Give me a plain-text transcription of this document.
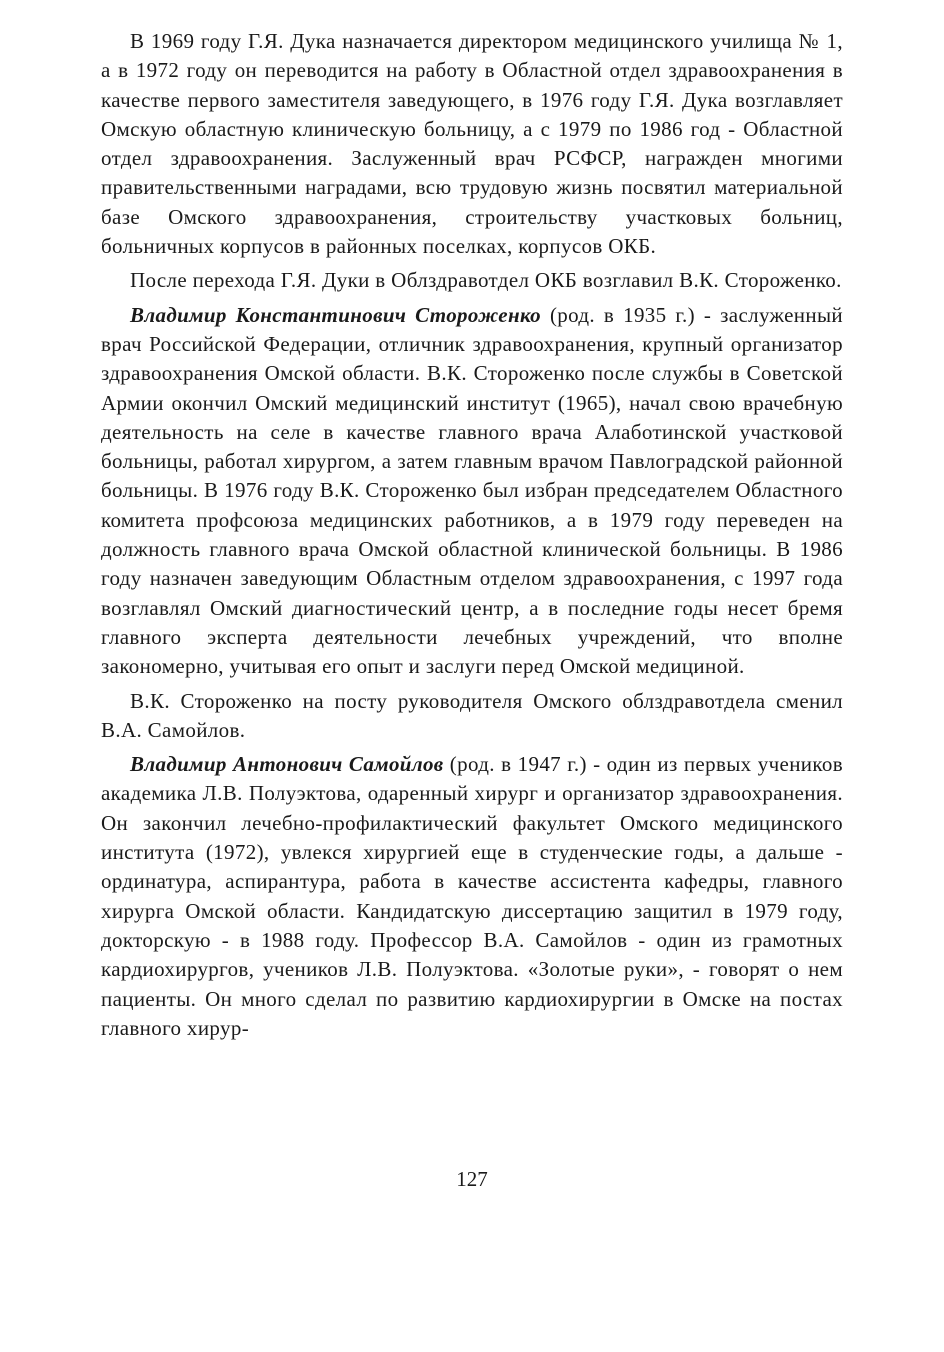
В 1969 году Г.Я. Дука назначается директором медицинского училища № 1, а в 1972 году он переводится на работу в Областной отдел здравоохранения в качестве первого заместителя заведующего, в 1976 году Г.Я. Дука возглавляет Омскую областную клиническую больницу, а с 1979 по 1986 год - Областной отдел здравоохранения. Заслуженный врач РСФСР, награжден многими правительственными наградами, всю трудовую жизнь посвятил материальной базе Омского здравоохранения, строительству участковых больниц, больничных корпусов в районных поселках, корпусов ОКБ.

После перехода Г.Я. Дуки в Облздравотдел ОКБ возглавил В.К. Стороженко.

Владимир Константинович Стороженко (род. в 1935 г.) - заслуженный врач Российской Федерации, отличник здравоохранения, крупный организатор здравоохранения Омской области. В.К. Стороженко после службы в Советской Армии окончил Омский медицинский институт (1965), начал свою врачебную деятельность на селе в качестве главного врача Алаботинской участковой больницы, работал хирургом, а затем главным врачом Павлоградской районной больницы. В 1976 году В.К. Стороженко был избран председателем Областного комитета профсоюза медицинских работников, а в 1979 году переведен на должность главного врача Омской областной клинической больницы. В 1986 году назначен заведующим Областным отделом здравоохранения, с 1997 года возглавлял Омский диагностический центр, а в последние годы несет бремя главного эксперта деятельности лечебных учреждений, что вполне закономерно, учитывая его опыт и заслуги перед Омской медициной.

В.К. Стороженко на посту руководителя Омского облздравотдела сменил В.А. Самойлов.

Владимир Антонович Самойлов (род. в 1947 г.) - один из первых учеников академика Л.В. Полуэктова, одаренный хирург и организатор здравоохранения. Он закончил лечебно-профилактический факультет Омского медицинского института (1972), увлекся хирургией еще в студенческие годы, а дальше - ординатура, аспирантура, работа в качестве ассистента кафедры, главного хирурга Омской области. Кандидатскую диссертацию защитил в 1979 году, докторскую - в 1988 году. Профессор В.А. Самойлов - один из грамотных кардиохирургов, учеников Л.В. Полуэктова. «Золотые руки», - говорят о нем пациенты. Он много сделал по развитию кардиохирургии в Омске на постах главного хирур-

127
